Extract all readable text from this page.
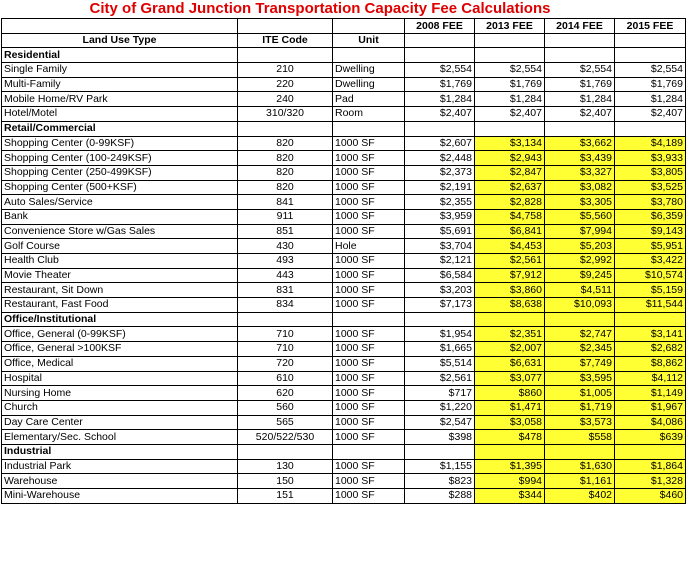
City of Grand Junction Transportation Capacity Fee Calculations
			2008 FEE	2013 FEE	2014 FEE	2015 FEE
Land Use Type	ITE Code	Unit				
Residential						
Single Family	210	Dwelling	$2,554	$2,554	$2,554	$2,554
Multi-Family	220	Dwelling	$1,769	$1,769	$1,769	$1,769
Mobile Home/RV Park	240	Pad	$1,284	$1,284	$1,284	$1,284
Hotel/Motel	310/320	Room	$2,407	$2,407	$2,407	$2,407
Retail/Commercial						
Shopping Center (0-99KSF)	820	1000 SF	$2,607	$3,134	$3,662	$4,189
Shopping Center (100-249KSF)	820	1000 SF	$2,448	$2,943	$3,439	$3,933
Shopping Center (250-499KSF)	820	1000 SF	$2,373	$2,847	$3,327	$3,805
Shopping Center (500+KSF)	820	1000 SF	$2,191	$2,637	$3,082	$3,525
Auto Sales/Service	841	1000 SF	$2,355	$2,828	$3,305	$3,780
Bank	911	1000 SF	$3,959	$4,758	$5,560	$6,359
Convenience Store w/Gas Sales	851	1000 SF	$5,691	$6,841	$7,994	$9,143
Golf Course	430	Hole	$3,704	$4,453	$5,203	$5,951
Health Club	493	1000 SF	$2,121	$2,561	$2,992	$3,422
Movie Theater	443	1000 SF	$6,584	$7,912	$9,245	$10,574
Restaurant, Sit Down	831	1000 SF	$3,203	$3,860	$4,511	$5,159
Restaurant, Fast Food	834	1000 SF	$7,173	$8,638	$10,093	$11,544
Office/Institutional						
Office, General (0-99KSF)	710	1000 SF	$1,954	$2,351	$2,747	$3,141
Office, General >100KSF	710	1000 SF	$1,665	$2,007	$2,345	$2,682
Office, Medical	720	1000 SF	$5,514	$6,631	$7,749	$8,862
Hospital	610	1000 SF	$2,561	$3,077	$3,595	$4,112
Nursing Home	620	1000 SF	$717	$860	$1,005	$1,149
Church	560	1000 SF	$1,220	$1,471	$1,719	$1,967
Day Care Center	565	1000 SF	$2,547	$3,058	$3,573	$4,086
Elementary/Sec. School	520/522/530	1000 SF	$398	$478	$558	$639
Industrial						
Industrial Park	130	1000 SF	$1,155	$1,395	$1,630	$1,864
Warehouse	150	1000 SF	$823	$994	$1,161	$1,328
Mini-Warehouse	151	1000 SF	$288	$344	$402	$460
